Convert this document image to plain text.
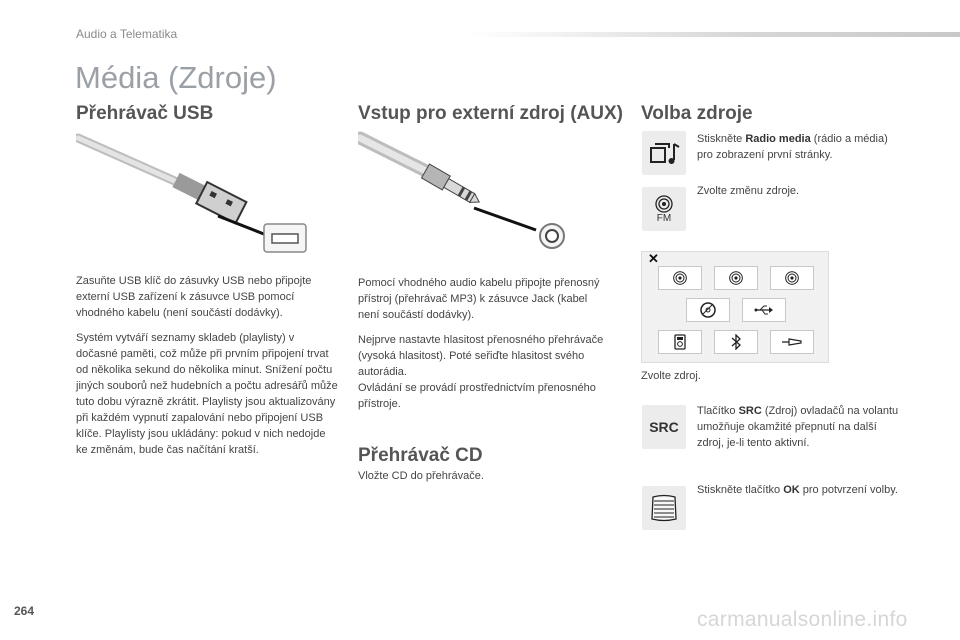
Audio a Telematika
Média (Zdroje)
Přehrávač USB

Zasuňte USB klíč do zásuvky USB nebo připojte externí USB zařízení k zásuvce USB pomocí vhodného kabelu (není součástí dodávky).

Systém vytváří seznamy skladeb (playlisty) v dočasné paměti, což může při prvním připojení trvat od několika sekund do několika minut. Snížení počtu jiných souborů než hudebních a počtu adresářů může tuto dobu výrazně zkrátit. Playlisty jsou aktualizovány při každém vypnutí zapalování nebo připojení USB klíče. Playlisty jsou ukládány: pokud v nich nedojde ke změnám, bude čas načítání kratší.

Vstup pro externí zdroj (AUX)

Pomocí vhodného audio kabelu připojte přenosný přístroj (přehrávač MP3) k zásuvce Jack (kabel není součástí dodávky).

Nejprve nastavte hlasitost přenosného přehrávače (vysoká hlasitost). Poté seřiďte hlasitost svého autorádia.
Ovládání se provádí prostřednictvím přenosného přístroje.

Přehrávač CD
Vložte CD do přehrávače.
Volba zdroje
Stiskněte Radio media (rádio a média) pro zobrazení první stránky.
FM
Zvolte změnu zdroje.
✕
Zvolte zdroj.
SRC
Tlačítko SRC (Zdroj) ovladačů na volantu umožňuje okamžité přepnutí na další zdroj, je-li tento aktivní.
Stiskněte tlačítko OK pro potvrzení volby.
264	carmanualsonline.info
